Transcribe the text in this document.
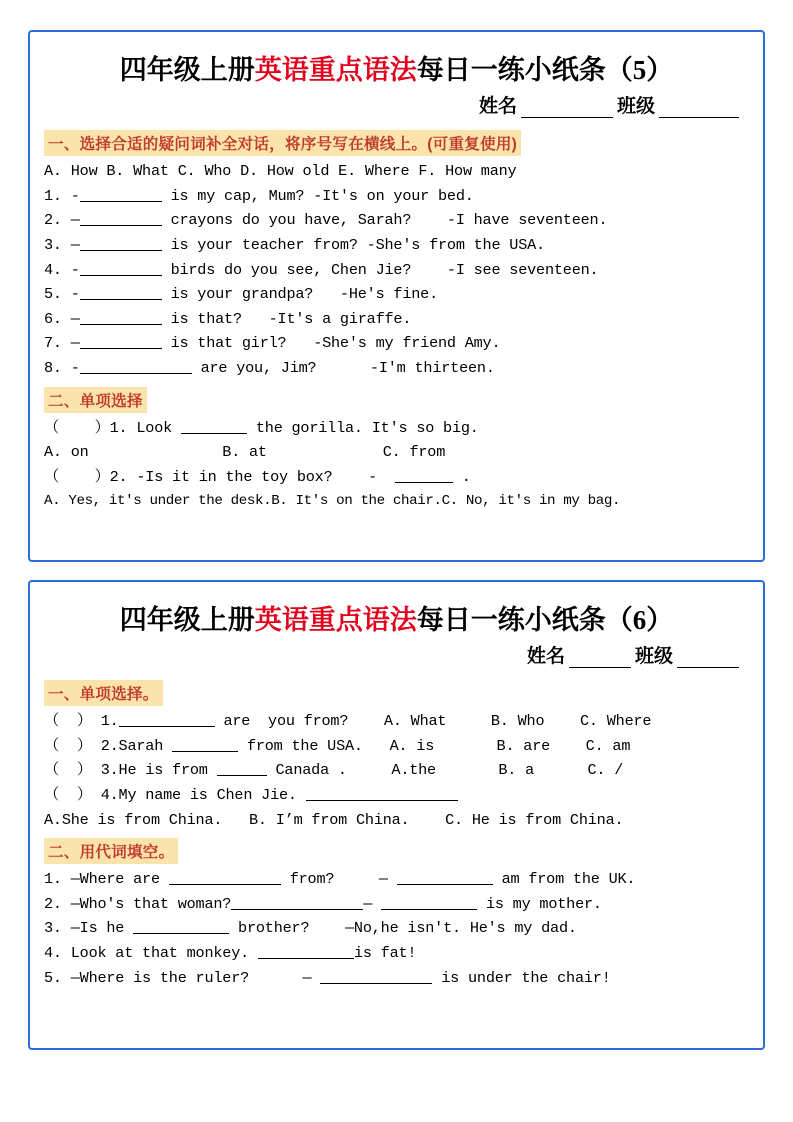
四年级上册英语重点语法每日一练小纸条（5）
姓名	班级
一、选择合适的疑问词补全对话，将序号写在横线上。(可重复使用)
A. How B. What C. Who D. How old E. Where F. How many
1. -	is my cap, Mum? -It's on your bed.
2. —	crayons do you have, Sarah?    -I have seventeen.
3. —	is your teacher from? -She's from the USA.
4. -	birds do you see, Chen Jie?    -I see seventeen.
5. -	is your grandpa?   -He's fine.
6. —	is that?   -It's a giraffe.
7. —	is that girl?   -She's my friend Amy.
8. -	are you, Jim?      -I'm thirteen.
二、单项选择
（    ）1. Look	the gorilla. It's so big.
A. on               B. at             C. from
（    ）2. -Is it in the toy box?    -	.
A. Yes, it's under the desk.B. It's on the chair.C. No, it's in my bag.
四年级上册英语重点语法每日一练小纸条（6）
姓名	班级
一、单项选择。
（  ） 1.	are  you from?    A. What     B. Who    C. Where
（  ） 2.Sarah	from the USA.   A. is       B. are    C. am
（  ） 3.He is from	Canada .     A.the       B. a      C. /
（  ） 4.My name is Chen Jie.
A.She is from China.   B. I’m from China.    C. He is from China.
二、用代词填空。
1. —Where are	from?     —	am from the UK.
2. —Who's that woman?	—	is my mother.
3. —Is he	brother?    —No,he isn't. He's my dad.
4. Look at that monkey.	is fat!
5. —Where is the ruler?      —	is under the chair!
